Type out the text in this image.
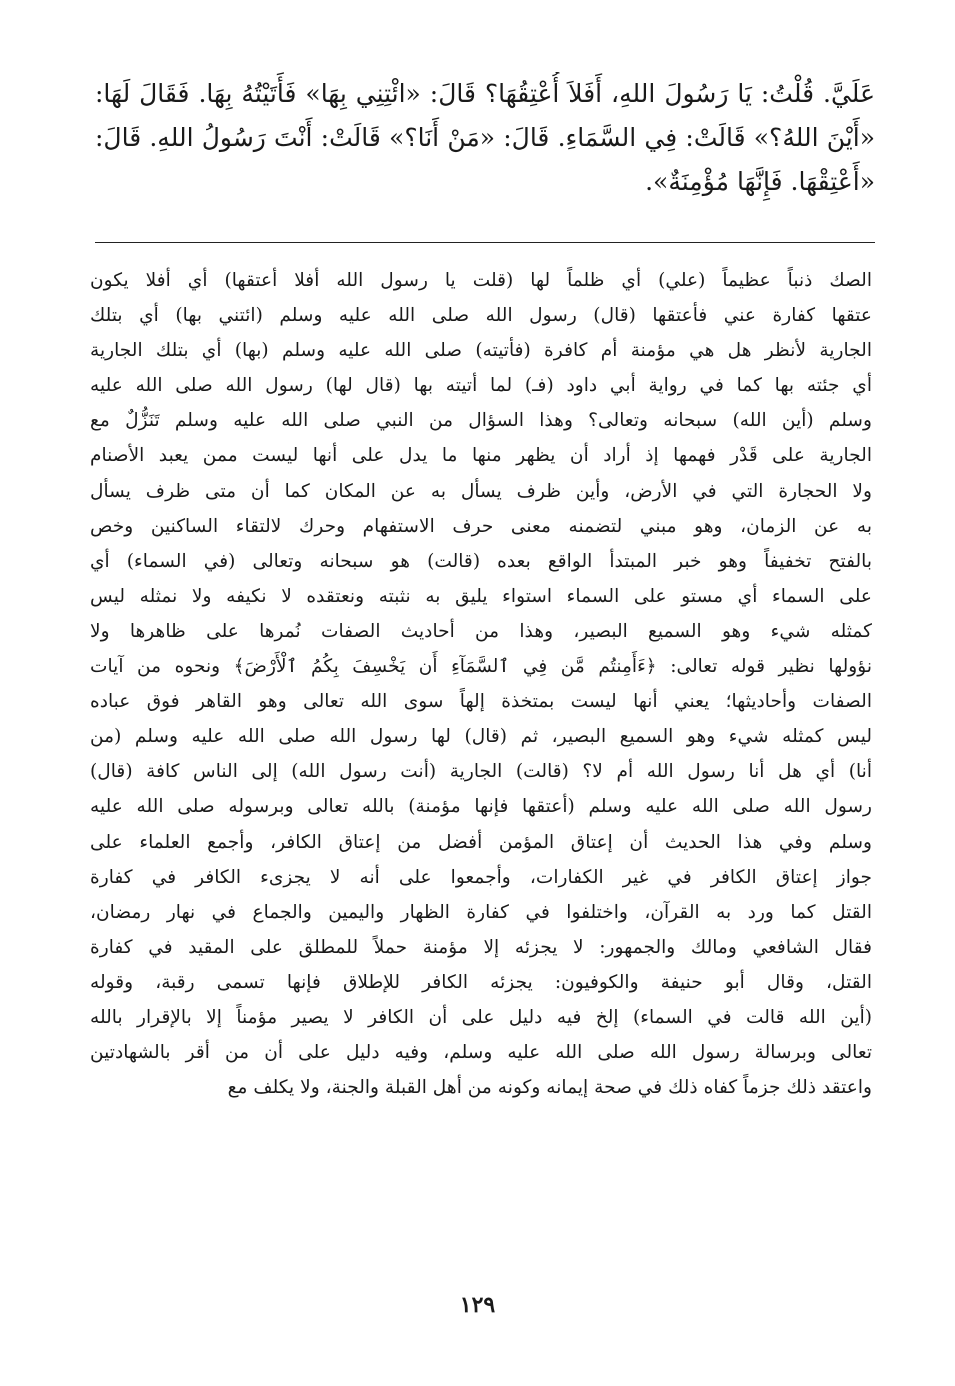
عَلَيَّ. قُلْتُ: يَا رَسُولَ اللهِ، أَفَلاَ أُعْتِقُهَا؟ قَالَ: «ائْتِنِي بِهَا» فَأَتَيْتُهُ بِهَا. فَقَالَ لَهَا:
«أَيْنَ اللهُ؟» قَالَتْ: فِي السَّمَاءِ. قَالَ: «مَنْ أَنَا؟» قَالَتْ: أَنْتَ رَسُولُ اللهِ. قَالَ:
«أَعْتِقْهَا. فَإِنَّهَا مُؤْمِنَةٌ».
الصك ذنباً عظيماً (علي) أي ظلماً لها (قلت يا رسول الله أفلا أعتقها) أي أفلا يكون
عتقها كفارة عني فأعتقها (قال) رسول الله صلى الله عليه وسلم (ائتني بها) أي بتلك
الجارية لأنظر هل هي مؤمنة أم كافرة (فأتيته) صلى الله عليه وسلم (بها) أي بتلك الجارية
أي جئته بها كما في رواية أبي داود (فـ) لما أتيته بها (قال لها) رسول الله صلى الله عليه
وسلم (أين الله) سبحانه وتعالى؟ وهذا السؤال من النبي صلى الله عليه وسلم تَنَزُّلٌ مع
الجارية على قَدْر فهمها إذ أراد أن يظهر منها ما يدل على أنها ليست ممن يعبد الأصنام
ولا الحجارة التي في الأرض، وأين ظرف يسأل به عن المكان كما أن متى ظرف يسأل
به عن الزمان، وهو مبني لتضمنه معنى حرف الاستفهام وحرك لالتقاء الساكنين وخص
بالفتح تخفيفاً وهو خبر المبتدأ الواقع بعده (قالت) هو سبحانه وتعالى (في السماء) أي
على السماء أي مستو على السماء استواء يليق به نثبته ونعتقده لا نكيفه ولا نمثله ليس
كمثله شيء وهو السميع البصير، وهذا من أحاديث الصفات نُمرها على ظاهرها ولا
نؤولها نظير قوله تعالى: ﴿ءَأَمِنتُم مَّن فِي ٱلسَّمَآءِ أَن يَخْسِفَ بِكُمُ ٱلْأَرْضَ﴾ ونحوه من آيات
الصفات وأحاديثها؛ يعني أنها ليست بمتخذة إلهاً سوى الله تعالى وهو القاهر فوق عباده
ليس كمثله شيء وهو السميع البصير، ثم (قال) لها رسول الله صلى الله عليه وسلم (من
أنا) أي هل أنا رسول الله أم لا؟ (قالت) الجارية (أنت رسول الله) إلى الناس كافة (قال)
رسول الله صلى الله عليه وسلم (أعتقها فإنها مؤمنة) بالله تعالى وبرسوله صلى الله عليه
وسلم وفي هذا الحديث أن إعتاق المؤمن أفضل من إعتاق الكافر، وأجمع العلماء على
جواز إعتاق الكافر في غير الكفارات، وأجمعوا على أنه لا يجزىء الكافر في كفارة
القتل كما ورد به القرآن، واختلفوا في كفارة الظهار واليمين والجماع في نهار رمضان،
فقال الشافعي ومالك والجمهور: لا يجزئه إلا مؤمنة حملاً للمطلق على المقيد في كفارة
القتل، وقال أبو حنيفة والكوفيون: يجزئه الكافر للإطلاق فإنها تسمى رقبة، وقوله
(أين الله قالت في السماء) إلخ فيه دليل على أن الكافر لا يصير مؤمناً إلا بالإقرار بالله
تعالى وبرسالة رسول الله صلى الله عليه وسلم، وفيه دليل على أن من أقر بالشهادتين
واعتقد ذلك جزماً كفاه ذلك في صحة إيمانه وكونه من أهل القبلة والجنة، ولا يكلف مع
١٢٩
